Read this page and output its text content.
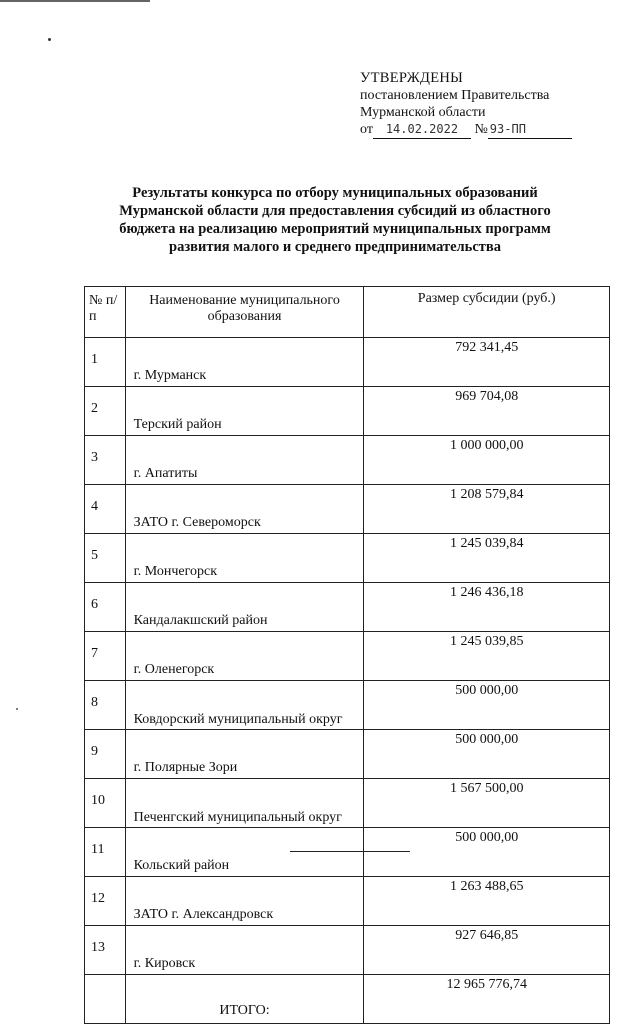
УТВЕРЖДЕНЫ
постановлением Правительства
Мурманской области
от 14.02.2022 № 93-ПП
Результаты конкурса по отбору муниципальных образований
Мурманской области для предоставления субсидий из областного
бюджета на реализацию мероприятий муниципальных программ
развития малого и среднего предпринимательства
№ п/п	Наименование муниципального образования	Размер субсидии (руб.)
1	г. Мурманск	792 341,45
2	Терский район	969 704,08
3	г. Апатиты	1 000 000,00
4	ЗАТО г. Североморск	1 208 579,84
5	г. Мончегорск	1 245 039,84
6	Кандалакшский район	1 246 436,18
7	г. Оленегорск	1 245 039,85
8	Ковдорский муниципальный округ	500 000,00
9	г. Полярные Зори	500 000,00
10	Печенгский муниципальный округ	1 567 500,00
11	Кольский район	500 000,00
12	ЗАТО г. Александровск	1 263 488,65
13	г. Кировск	927 646,85
	ИТОГО:	12 965 776,74
